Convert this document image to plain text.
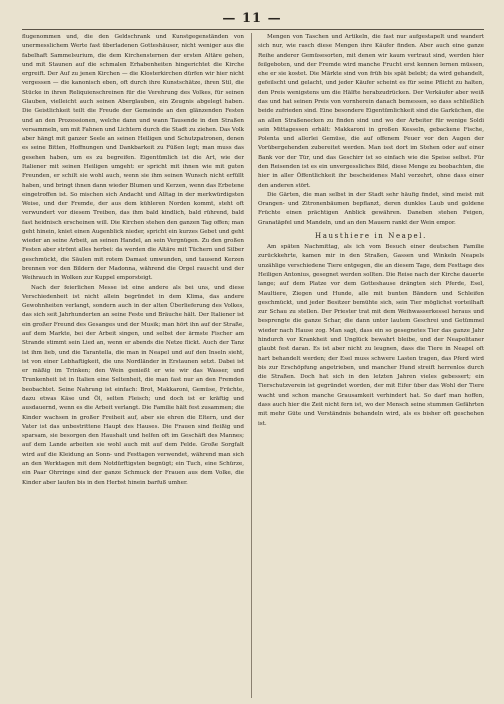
— 11 —

flugenommen und, die den Geldschrank und Kunstgegenständen von unermesslichem Werte fast überladenen Gotteshäuser, nicht weniger aus die fabelhaft Sammelsurium, die dem Kirchensternen der ersten Altäre gehen, und mit Staunen auf die schmalen Erhabenheiten hingerichtet die Kirche ergreift. Der Auf zu jenen Kirchen — die Klosterkirchen dürfen wir hier nicht vergessen — die kanonisch eben, oft durch ihre Kunstschätze, ihren Stil, die Stücke in ihren Reliquienschreinen für die Verehrung des Volkes, für seinen Glauben, vielleicht auch seinen Aberglauben, ein Zeugnis abgelegt haben. Die Geistlichkeit teilt die Freude der Gemeinde an den glänzenden Festen und an den Prozessionen, welche dann und wann Tausende in den Straßen versammeln, um mit Fahnen und Lichtern durch die Stadt zu ziehen. Das Volk aber hängt mit ganzer Seele an seinen Heiligen und Schutzpatronen, denen es seine Bitten, Hoffnungen und Dankbarkeit zu Füßen legt; man muss das gesehen haben, um es zu begreifen. Eigentümlich ist die Art, wie der Italiener mit seinen Heiligen umgeht: er spricht mit ihnen wie mit guten Freunden, er schilt sie wohl auch, wenn sie ihm seinen Wunsch nicht erfüllt haben, und bringt ihnen dann wieder Blumen und Kerzen, wenn das Erbetene eingetroffen ist. So mischen sich Andacht und Alltag in der merkwürdigsten Weise, und der Fremde, der aus dem kühleren Norden kommt, steht oft verwundert vor diesem Treiben, das ihm bald kindlich, bald rührend, bald fast heidnisch erscheinen will. Die Kirchen stehen den ganzen Tag offen; man geht hinein, kniet einen Augenblick nieder, spricht ein kurzes Gebet und geht wieder an seine Arbeit, an seinen Handel, an sein Vergnügen. Zu den großen Festen aber strömt alles herbei: da werden die Altäre mit Tüchern und Silber geschmückt, die Säulen mit rotem Damast umwunden, und tausend Kerzen brennen vor den Bildern der Madonna, während die Orgel rauscht und der Weihrauch in Wolken zur Kuppel emporsteigt.

Nach der feierlichen Messe ist eine andere als bei uns, und diese Verschiedenheit ist nicht allein begründet in dem Klima, das andere Gewohnheiten verlangt, sondern auch in der alten Überlieferung des Volkes, das sich seit Jahrhunderten an seine Feste und Bräuche hält. Der Italiener ist ein großer Freund des Gesanges und der Musik; man hört ihn auf der Straße, auf dem Markte, bei der Arbeit singen, und selbst der ärmste Fischer am Strande stimmt sein Lied an, wenn er abends die Netze flickt. Auch der Tanz ist ihm lieb, und die Tarantella, die man in Neapel und auf den Inseln sieht, ist von einer Lebhaftigkeit, die uns Nordländer in Erstaunen setzt. Dabei ist er mäßig im Trinken; den Wein genießt er wie wir das Wasser, und Trunkenheit ist in Italien eine Seltenheit, die man fast nur an den Fremden beobachtet. Seine Nahrung ist einfach: Brot, Makkaroni, Gemüse, Früchte, dazu etwas Käse und Öl, selten Fleisch; und doch ist er kräftig und ausdauernd, wenn es die Arbeit verlangt. Die Familie hält fest zusammen; die Kinder wachsen in großer Freiheit auf, aber sie ehren die Eltern, und der Vater ist das unbestrittene Haupt des Hauses. Die Frauen sind fleißig und sparsam, sie besorgen den Haushalt und helfen oft im Geschäft des Mannes; auf dem Lande arbeiten sie wohl auch mit auf dem Felde. Große Sorgfalt wird auf die Kleidung an Sonn- und Festtagen verwendet, während man sich an den Werktagen mit dem Notdürftigsten begnügt; ein Tuch, eine Schürze, ein Paar Ohrringe sind der ganze Schmuck der Frauen aus dem Volke, die Kinder aber laufen bis in den Herbst hinein barfuß umher.

Mengen von Taschen und Artikeln, die fast nur aufgestapelt und wandert sich nur, wie rasch diese Mengen ihre Käufer finden. Aber auch eine ganze Reihe anderer Gemüsesorten, mit denen wir kaum vertraut sind, werden hier feilgeboten, und der Fremde wird manche Frucht erst kennen lernen müssen, ehe er sie kostet. Die Märkte sind von früh bis spät belebt; da wird gehandelt, gefeilscht und gelacht, und jeder Käufer scheint es für seine Pflicht zu halten, den Preis wenigstens um die Hälfte herabzudrücken. Der Verkäufer aber weiß das und hat seinen Preis von vornherein danach bemessen, so dass schließlich beide zufrieden sind. Eine besondere Eigentümlichkeit sind die Garküchen, die an allen Straßenecken zu finden sind und wo der Arbeiter für wenige Soldi sein Mittagessen erhält: Makkaroni in großen Kesseln, gebackene Fische, Polenta und allerlei Gemüse, die auf offenem Feuer vor den Augen der Vorübergehenden zubereitet werden. Man isst dort im Stehen oder auf einer Bank vor der Tür, und das Geschirr ist so einfach wie die Speise selbst. Für den Reisenden ist es ein unvergessliches Bild, diese Menge zu beobachten, die hier in aller Öffentlichkeit ihr bescheidenes Mahl verzehrt, ohne dass einer den anderen stört.

Die Gärten, die man selbst in der Stadt sehr häufig findet, sind meist mit Orangen- und Zitronenbäumen bepflanzt, deren dunkles Laub und goldene Früchte einen prächtigen Anblick gewähren. Daneben stehen Feigen, Granatäpfel und Mandeln, und an den Mauern rankt der Wein empor.

Hausthiere in Neapel.

Am späten Nachmittag, als ich vom Besuch einer deutschen Familie zurückkehrte, kamen mir in den Straßen, Gassen und Winkeln Neapels unzählige verschiedene Tiere entgegen, die an diesem Tage, dem Festtage des Heiligen Antonius, gesegnet werden sollten. Die Reise nach der Kirche dauerte lange; auf dem Platze vor dem Gotteshause drängten sich Pferde, Esel, Maultiere, Ziegen und Hunde, alle mit bunten Bändern und Schleifen geschmückt, und jeder Besitzer bemühte sich, sein Tier möglichst vorteilhaft zur Schau zu stellen. Der Priester trat mit dem Weihwasserkessel heraus und besprengte die ganze Schar, die dann unter lautem Geschrei und Getümmel wieder nach Hause zog. Man sagt, dass ein so gesegnetes Tier das ganze Jahr hindurch vor Krankheit und Unglück bewahrt bleibe, und der Neapolitaner glaubt fest daran. Es ist aber nicht zu leugnen, dass die Tiere in Neapel oft hart behandelt werden; der Esel muss schwere Lasten tragen, das Pferd wird bis zur Erschöpfung angetrieben, und mancher Hund streift herrenlos durch die Straßen. Doch hat sich in den letzten Jahren vieles gebessert; ein Tierschutzverein ist gegründet worden, der mit Eifer über das Wohl der Tiere wacht und schon manche Grausamkeit verhindert hat. So darf man hoffen, dass auch hier die Zeit nicht fern ist, wo der Mensch seine stummen Gefährten mit mehr Güte und Verständnis behandeln wird, als es bisher oft geschehen ist.
